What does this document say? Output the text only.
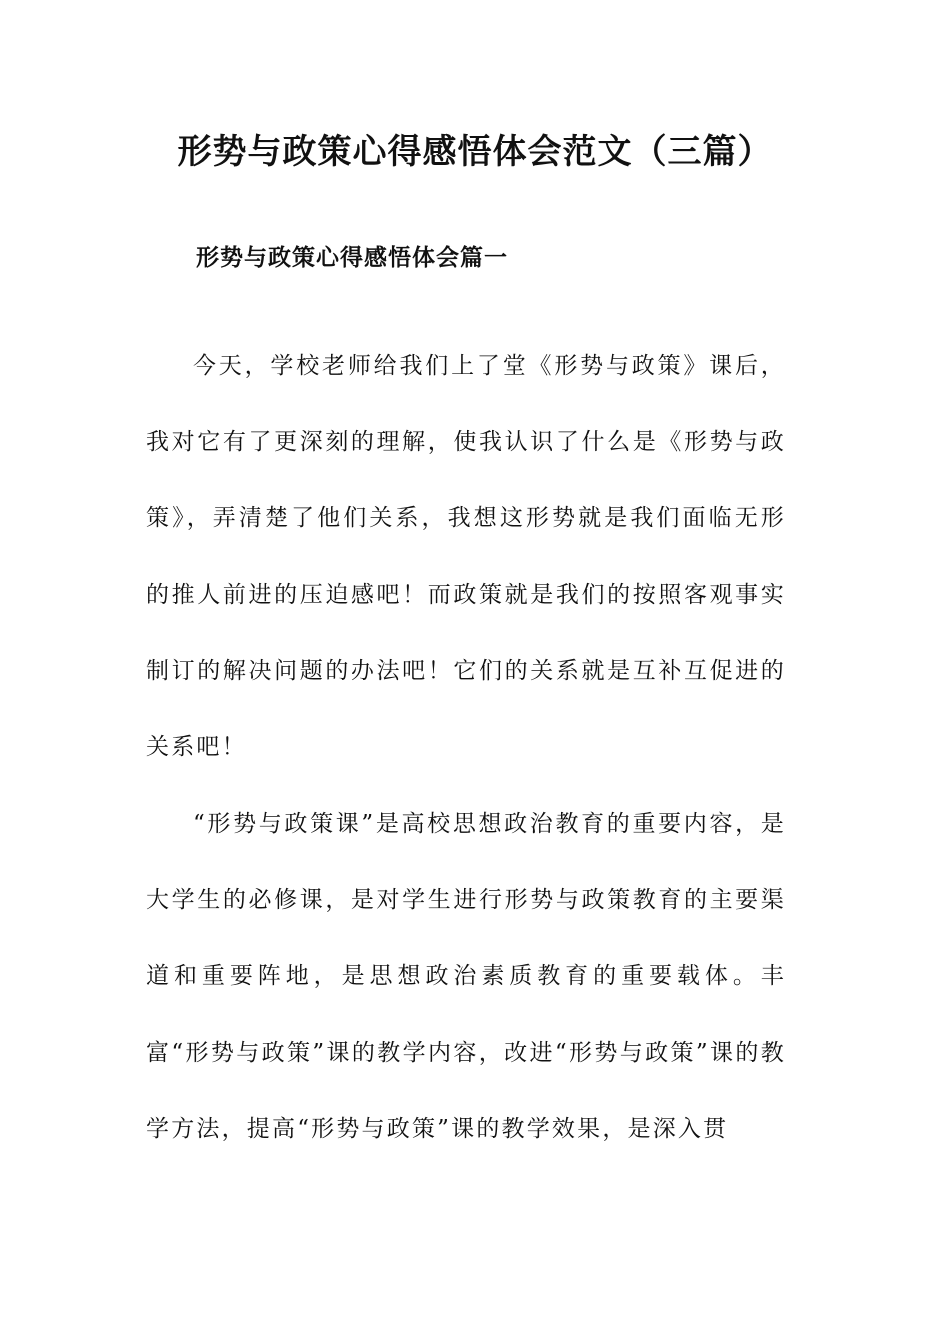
形势与政策心得感悟体会范文（三篇）
形势与政策心得感悟体会篇一

今天，学校老师给我们上了堂《形势与政策》课后，我对它有了更深刻的理解，使我认识了什么是《形势与政策》，弄清楚了他们关系，我想这形势就是我们面临无形的推人前进的压迫感吧！而政策就是我们的按照客观事实制订的解决问题的办法吧！它们的关系就是互补互促进的关系吧！

“形势与政策课”是高校思想政治教育的重要内容，是大学生的必修课，是对学生进行形势与政策教育的主要渠道和重要阵地，是思想政治素质教育的重要载体。丰富“形势与政策”课的教学内容，改进“形势与政策”课的教学方法，提高“形势与政策”课的教学效果，是深入贯
